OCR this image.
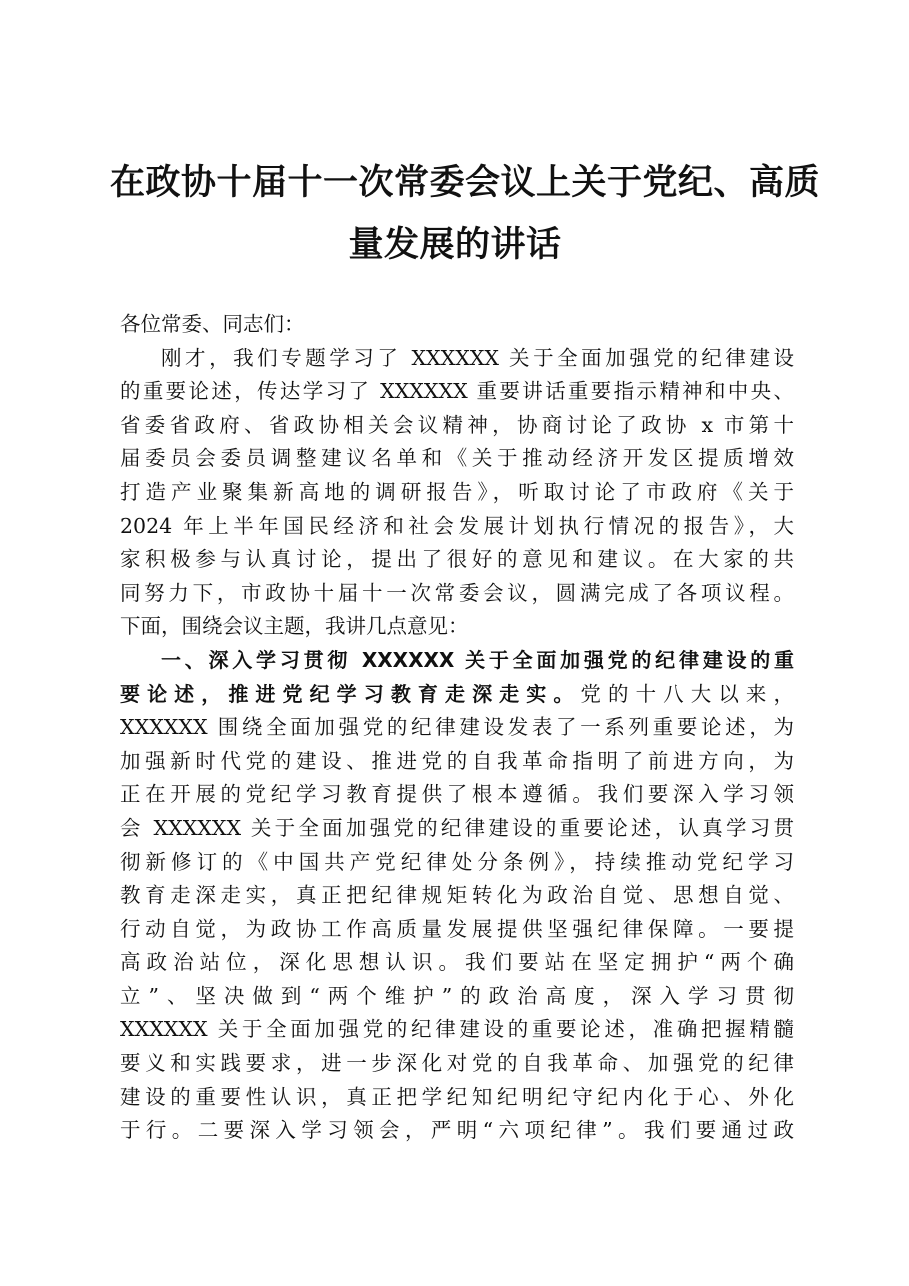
在政协十届十一次常委会议上关于党纪、高质
量发展的讲话
各位常委、同志们：
刚才，我们专题学习了 XXXXXX 关于全面加强党的纪律建设
的重要论述，传达学习了 XXXXXX 重要讲话重要指示精神和中央、
省委省政府、省政协相关会议精神，协商讨论了政协 x 市第十
届委员会委员调整建议名单和《关于推动经济开发区提质增效
打造产业聚集新高地的调研报告》，听取讨论了市政府《关于
2024 年上半年国民经济和社会发展计划执行情况的报告》，大
家积极参与认真讨论，提出了很好的意见和建议。在大家的共
同努力下，市政协十届十一次常委会议，圆满完成了各项议程。
下面，围绕会议主题，我讲几点意见：
一、深入学习贯彻 XXXXXX 关于全面加强党的纪律建设的重
要论述，推进党纪学习教育走深走实。党的十八大以来，
XXXXXX 围绕全面加强党的纪律建设发表了一系列重要论述，为
加强新时代党的建设、推进党的自我革命指明了前进方向，为
正在开展的党纪学习教育提供了根本遵循。我们要深入学习领
会 XXXXXX 关于全面加强党的纪律建设的重要论述，认真学习贯
彻新修订的《中国共产党纪律处分条例》，持续推动党纪学习
教育走深走实，真正把纪律规矩转化为政治自觉、思想自觉、
行动自觉，为政协工作高质量发展提供坚强纪律保障。一要提
高政治站位，深化思想认识。我们要站在坚定拥护“两个确
立”、坚决做到“两个维护”的政治高度，深入学习贯彻
XXXXXX 关于全面加强党的纪律建设的重要论述，准确把握精髓
要义和实践要求，进一步深化对党的自我革命、加强党的纪律
建设的重要性认识，真正把学纪知纪明纪守纪内化于心、外化
于行。二要深入学习领会，严明“六项纪律”。我们要通过政
